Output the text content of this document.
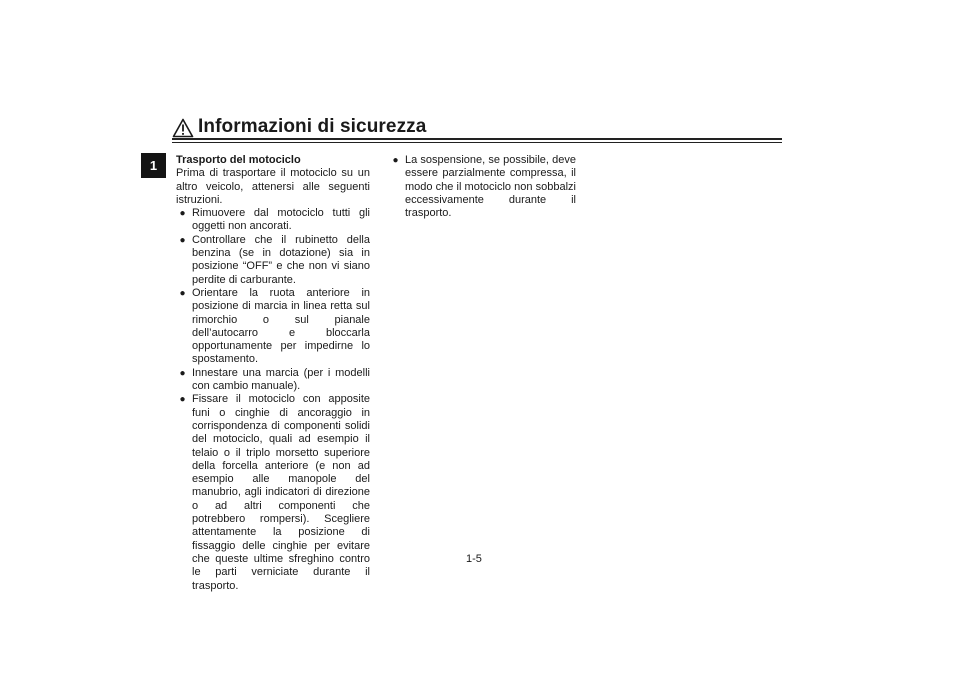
Informazioni di sicurezza
1	Trasporto del motociclo

Prima di trasportare il motociclo su un altro veicolo, attenersi alle seguenti istruzioni.

● Rimuovere dal motociclo tutti gli oggetti non ancorati.
● Controllare che il rubinetto della benzina (se in dotazione) sia in posizione “OFF” e che non vi siano perdite di carburante.
● Orientare la ruota anteriore in posizione di marcia in linea retta sul rimorchio o sul pianale dell’autocarro e bloccarla opportunamente per impedirne lo spostamento.
● Innestare una marcia (per i modelli con cambio manuale).
● Fissare il motociclo con apposite funi o cinghie di ancoraggio in corrispondenza di componenti solidi del motociclo, quali ad esempio il telaio o il triplo morsetto superiore della forcella anteriore (e non ad esempio alle manopole del manubrio, agli indicatori di direzione o ad altri componenti che potrebbero rompersi). Scegliere attentamente la posizione di fissaggio delle cinghie per evitare che queste ultime sfreghino contro le parti verniciate durante il trasporto.
● La sospensione, se possibile, deve essere parzialmente compressa, il modo che il motociclo non sobbalzi eccessivamente durante il trasporto.
1-5
